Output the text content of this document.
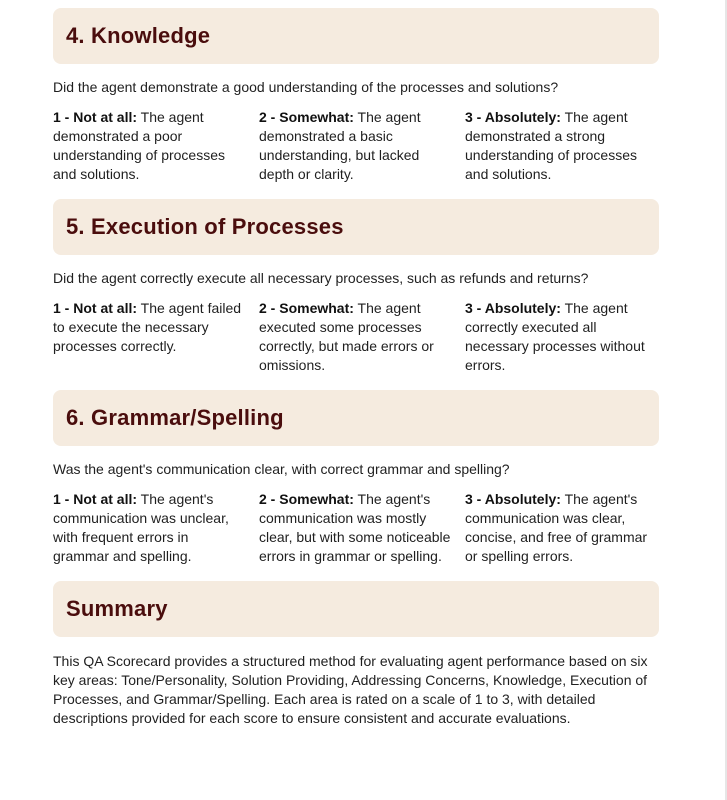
4. Knowledge

Did the agent demonstrate a good understanding of the processes and solutions?

1 - Not at all: The agent demonstrated a poor understanding of processes and solutions.
2 - Somewhat: The agent demonstrated a basic understanding, but lacked depth or clarity.
3 - Absolutely: The agent demonstrated a strong understanding of processes and solutions.
5. Execution of Processes

Did the agent correctly execute all necessary processes, such as refunds and returns?

1 - Not at all: The agent failed to execute the necessary processes correctly.
2 - Somewhat: The agent executed some processes correctly, but made errors or omissions.
3 - Absolutely: The agent correctly executed all necessary processes without errors.
6. Grammar/Spelling

Was the agent's communication clear, with correct grammar and spelling?

1 - Not at all: The agent's communication was unclear, with frequent errors in grammar and spelling.
2 - Somewhat: The agent's communication was mostly clear, but with some noticeable errors in grammar or spelling.
3 - Absolutely: The agent's communication was clear, concise, and free of grammar or spelling errors.
Summary

This QA Scorecard provides a structured method for evaluating agent performance based on six key areas: Tone/Personality, Solution Providing, Addressing Concerns, Knowledge, Execution of Processes, and Grammar/Spelling. Each area is rated on a scale of 1 to 3, with detailed descriptions provided for each score to ensure consistent and accurate evaluations.
